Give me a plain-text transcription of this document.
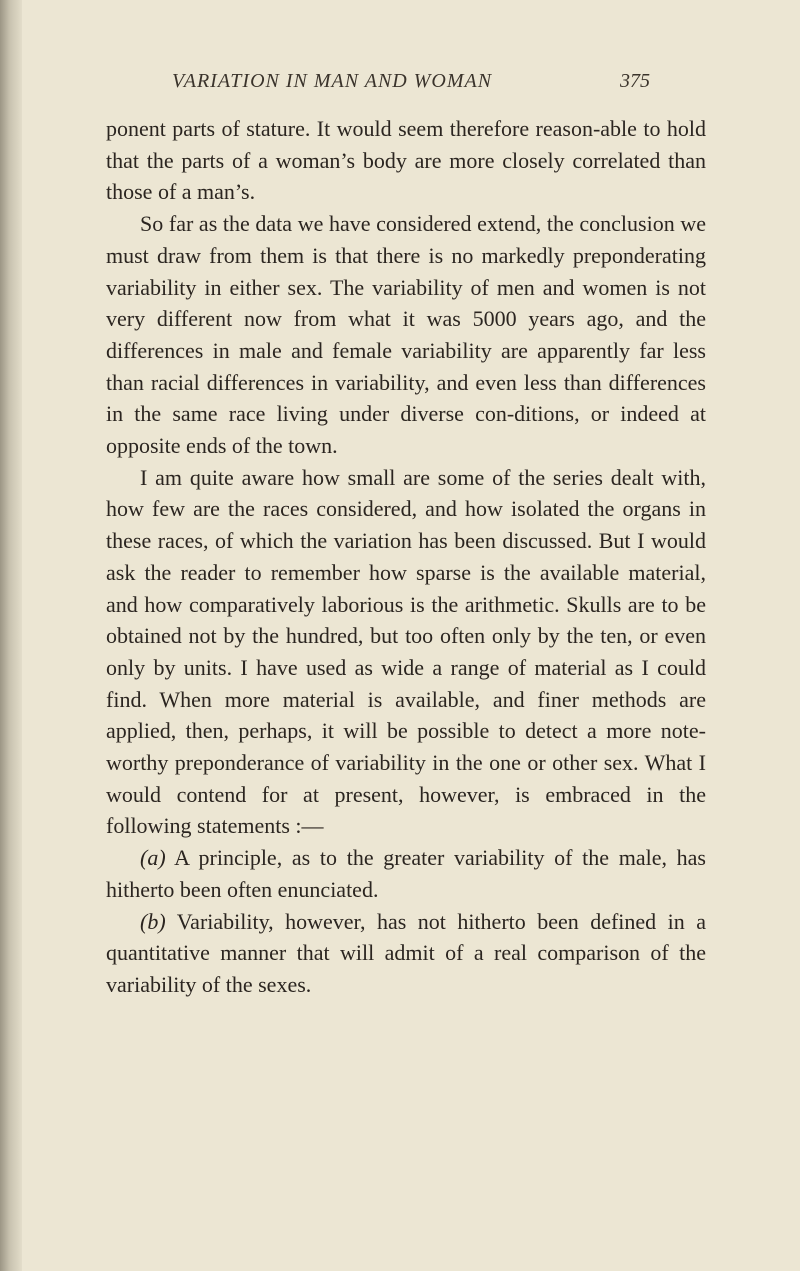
VARIATION IN MAN AND WOMAN	375

ponent parts of stature. It would seem therefore reason-able to hold that the parts of a woman’s body are more closely correlated than those of a man’s.

So far as the data we have considered extend, the conclusion we must draw from them is that there is no markedly preponderating variability in either sex. The variability of men and women is not very different now from what it was 5000 years ago, and the differences in male and female variability are apparently far less than racial differences in variability, and even less than differences in the same race living under diverse con-ditions, or indeed at opposite ends of the town.

I am quite aware how small are some of the series dealt with, how few are the races considered, and how isolated the organs in these races, of which the variation has been discussed. But I would ask the reader to remember how sparse is the available material, and how comparatively laborious is the arithmetic. Skulls are to be obtained not by the hundred, but too often only by the ten, or even only by units. I have used as wide a range of material as I could find. When more material is available, and finer methods are applied, then, perhaps, it will be possible to detect a more note-worthy preponderance of variability in the one or other sex. What I would contend for at present, however, is embraced in the following statements :—

(a) A principle, as to the greater variability of the male, has hitherto been often enunciated.

(b) Variability, however, has not hitherto been defined in a quantitative manner that will admit of a real comparison of the variability of the sexes.
